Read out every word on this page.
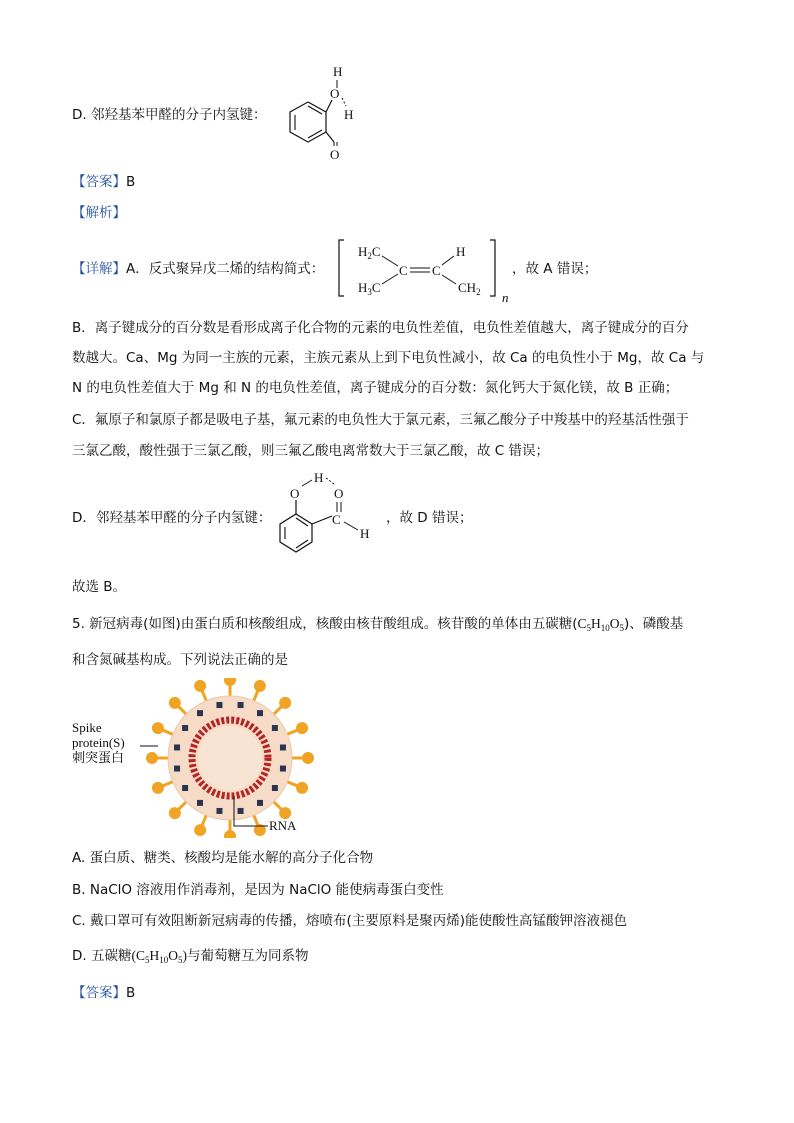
D. 邻羟基苯甲醛的分子内氢键：
O
H
H
O
【答案】B
【解析】
【详解】A．反式聚异戊二烯的结构简式：
$H_2C$
$H_3C$
C C
H
$CH_2$ n
，故 A 错误；
B．离子键成分的百分数是看形成离子化合物的元素的电负性差值，电负性差值越大，离子键成分的百分
数越大。Ca、Mg 为同一主族的元素，主族元素从上到下电负性减小，故 Ca 的电负性小于 Mg，故 Ca 与
N 的电负性差值大于 Mg 和 N 的电负性差值，离子键成分的百分数：氮化钙大于氮化镁，故 B 正确；
C．氟原子和氯原子都是吸电子基，氟元素的电负性大于氯元素，三氟乙酸分子中羧基中的羟基活性强于
三氯乙酸，酸性强于三氯乙酸，则三氟乙酸电离常数大于三氯乙酸，故 C 错误；
D．邻羟基苯甲醛的分子内氢键：
O
H
O
C
H
，故 D 错误；
故选 B。
5. 新冠病毒(如图)由蛋白质和核酸组成，核酸由核苷酸组成。核苷酸的单体由五碳糖$(C_5H_{10}O_5)$、磷酸基
和含氮碱基构成。下列说法正确的是
Spike
protein(S)
刺突蛋白
RNA
A. 蛋白质、糖类、核酸均是能水解的高分子化合物
B. NaClO 溶液用作消毒剂，是因为 NaClO 能使病毒蛋白变性
C. 戴口罩可有效阻断新冠病毒的传播，熔喷布(主要原料是聚丙烯)能使酸性高锰酸钾溶液褪色
D. 五碳糖$(C_5H_{10}O_5)$与葡萄糖互为同系物
【答案】B
